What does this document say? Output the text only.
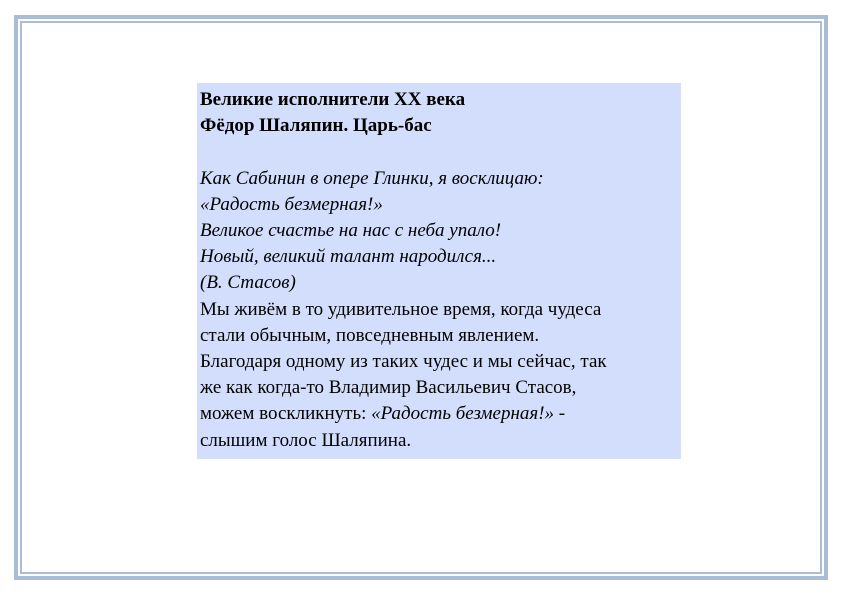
Великие исполнители XX века
Фёдор Шаляпин. Царь-бас
Как Сабинин в опере Глинки, я восклицаю:
«Радость безмерная!»
Великое счастье на нас с неба упало!
Новый, великий талант народился...
(В. Стасов)
Мы живём в то удивительное время, когда чудеса
стали обычным, повседневным явлением.
Благодаря одному из таких чудес и мы сейчас, так
же как когда-то Владимир Васильевич Стасов,
можем воскликнуть: «Радость безмерная!» -
слышим голос Шаляпина.
